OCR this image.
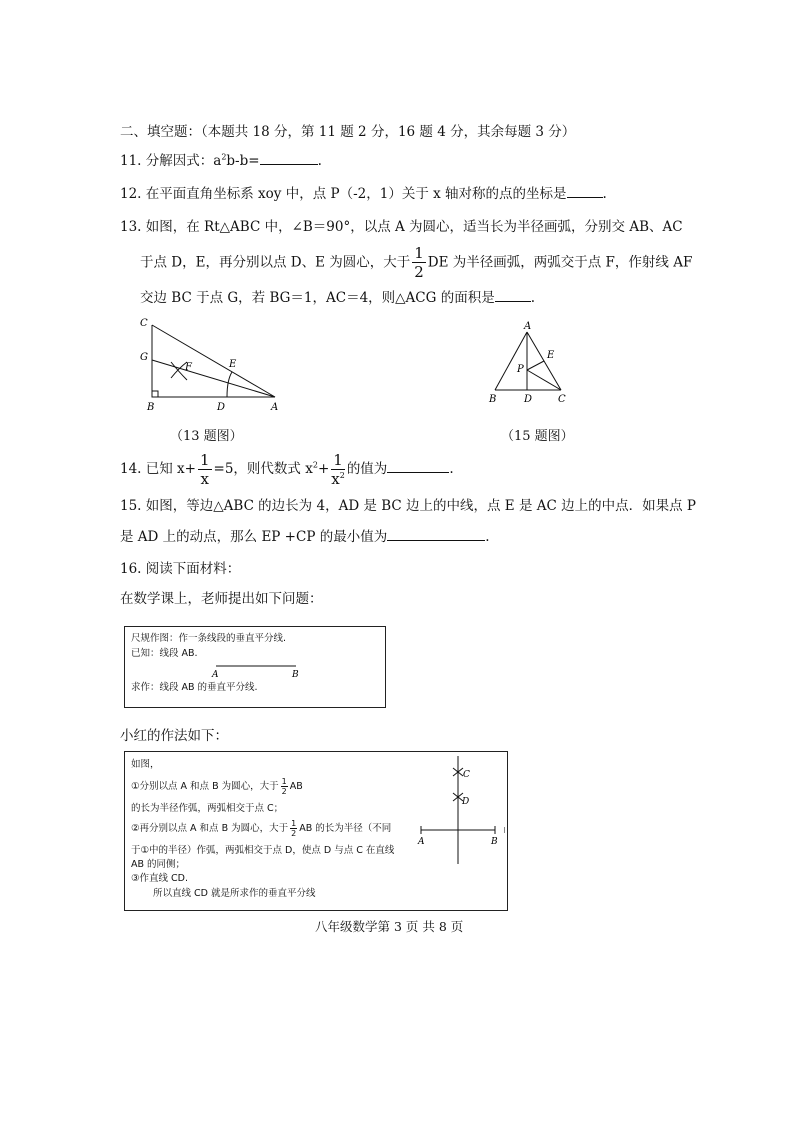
二、填空题：（本题共 18 分，第 11 题 2 分，16 题 4 分，其余每题 3 分）
11. 分解因式：$a^2b-b=$	.
12. 在平面直角坐标系 xoy 中，点 P（-2，1）关于 x 轴对称的点的坐标是	.
13. 如图，在 Rt△ABC 中，∠B＝90°，以点 A 为圆心，适当长为半径画弧，分别交 AB、AC
于点 D，E，再分别以点 D、E 为圆心，大于 $\frac{1}{2}$ DE 为半径画弧，两弧交于点 F，作射线 AF
交边 BC 于点 G，若 BG＝1，AC＝4，则△ACG 的面积是	.
C
G
F	E
B	D	A
（13 题图）
A
E
P
B	D	C
（15 题图）
14. 已知 $x+ \frac{1}{x} =5$，则代数式 $x^2+ \frac{1}{x^2}$ 的值为	.
15. 如图，等边△ABC 的边长为 4，AD 是 BC 边上的中线，点 E 是 AC 边上的中点．如果点 P
是 AD 上的动点，那么 EP +CP 的最小值为	.
16. 阅读下面材料：
在数学课上，老师提出如下问题：
尺规作图：作一条线段的垂直平分线.
已知：线段 AB.
A	B
求作：线段 AB 的垂直平分线.
小红的作法如下：
如图，
①分别以点 A 和点 B 为圆心，大于 $\frac{1}{2}$ AB
的长为半径作弧，两弧相交于点 C；
②再分别以点 A 和点 B 为圆心，大于 $\frac{1}{2}$ AB 的长为半径（不同
于①中的半径）作弧，两弧相交于点 D，使点 D 与点 C 在直线
AB 的同侧；
③作直线 CD.
所以直线 CD 就是所求作的垂直平分线
C
D
A	B
八年级数学第 3 页 共 8 页
